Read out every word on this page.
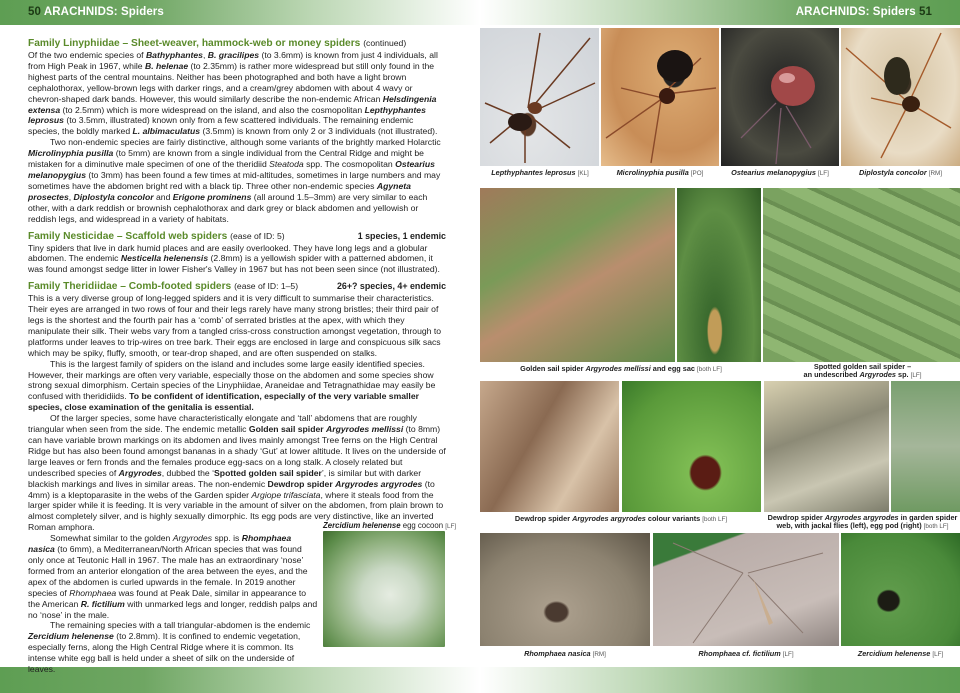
50 ARACHNIDS: Spiders	ARACHNIDS: Spiders 51
Family Linyphiidae – Sheet-weaver, hammock-web or money spiders (continued)

Of the two endemic species of Bathyphantes, B. gracilipes (to 3.6mm) is known from just 4 individuals, all from High Peak in 1967, while B. helenae (to 2.35mm) is rather more widespread but still only found in the highest parts of the central mountains. Neither has been photographed and both have a light brown cephalothorax, yellow-brown legs with darker rings, and a cream/grey abdomen with about 4 wavy or chevron-shaped dark bands. However, this would similarly describe the non-endemic African Helsdingenia extensa (to 2.5mm) which is more widespread on the island, and also the cosmopolitan Lepthyphantes leprosus (to 3.5mm, illustrated) known only from a few scattered individuals. The remaining endemic species, the boldly marked L. albimaculatus (3.5mm) is known from only 2 or 3 individuals (not illustrated).

Two non-endemic species are fairly distinctive, although some variants of the brightly marked Holarctic Microlinyphia pusilla (to 5mm) are known from a single individual from the Central Ridge and might be mistaken for a diminutive male specimen of one of the theridiid Steatoda spp. The cosmopolitan Ostearius melanopygius (to 3mm) has been found a few times at mid-altitudes, sometimes in large numbers and may sometimes have the abdomen bright red with a black tip. Three other non-endemic species Agyneta prosectes, Diplostyla concolor and Erigone prominens (all around 1.5–3mm) are very similar to each other, with a dark reddish or brownish cephalothorax and dark grey or black abdomen and yellowish or reddish legs, and widespread in a variety of habitats.

Family Nesticidae – Scaffold web spiders (ease of ID: 5)	1 species, 1 endemic

Tiny spiders that live in dark humid places and are easily overlooked. They have long legs and a globular abdomen. The endemic Nesticella helenensis (2.8mm) is a yellowish spider with a patterned abdomen, it was found amongst sedge litter in lower Fisher's Valley in 1967 but has not been seen since (not illustrated).

Family Theridiidae – Comb-footed spiders (ease of ID: 1–5)	26+? species, 4+ endemic

This is a very diverse group of long-legged spiders and it is very difficult to summarise their characteristics. Their eyes are arranged in two rows of four and their legs rarely have many strong bristles; their third pair of legs is the shortest and the fourth pair has a ‘comb’ of serrated bristles at the apex, with which they manipulate their silk. Their webs vary from a tangled criss-cross construction amongst vegetation, through to platforms under leaves to trip-wires on tree bark. Their eggs are enclosed in large and conspicuous silk sacs which may be spiky, fluffy, smooth, or tear-drop shaped, and are often suspended on stalks.

This is the largest family of spiders on the island and includes some large easily identified species. However, their markings are often very variable, especially those on the abdomen and some species show strong sexual dimorphism. Certain species of the Linyphiidae, Araneidae and Tetragnathidae may easily be confused with therididiids. To be confident of identification, especially of the very variable smaller species, close examination of the genitalia is essential.

Of the larger species, some have characteristically elongate and ‘tall’ abdomens that are roughly triangular when seen from the side. The endemic metallic Golden sail spider Argyrodes mellissi (to 8mm) can have variable brown markings on its abdomen and lives mainly amongst Tree ferns on the High Central Ridge but has also been found amongst bananas in a shady ‘Gut’ at lower altitude. It lives on the underside of large leaves or fern fronds and the females produce egg-sacs on a long stalk. A closely related but undescribed species of Argyrodes, dubbed the ‘Spotted golden sail spider’, is similar but with darker blackish markings and lives in similar areas. The non-endemic Dewdrop spider Argyrodes argyrodes (to 4mm) is a kleptoparasite in the webs of the Garden spider Argiope trifasciata, where it steals food from the larger spider while it is feeding. It is very variable in the amount of silver on the abdomen, from plain brown to almost completely silver, and is highly sexually dimorphic. Its egg pods are very distinctive, like an inverted Roman amphora.

Somewhat similar to the golden Argyrodes spp. is Rhomphaea nasica (to 6mm), a Mediterranean/North African species that was found only once at Teutonic Hall in 1967. The male has an extraordinary ‘nose’ formed from an anterior elongation of the area between the eyes, and the apex of the abdomen is curled upwards in the female. In 2019 another species of Rhomphaea was found at Peak Dale, similar in appearance to the American R. fictilium with unmarked legs and longer, reddish palps and no ‘nose’ in the male.

The remaining species with a tall triangular-abdomen is the endemic Zercidium helenense (to 2.8mm). It is confined to endemic vegetation, especially ferns, along the High Central Ridge where it is common. Its intense white egg ball is held under a sheet of silk on the underside of leaves.

Zercidium helenense egg cocoon [LF]
Lepthyphantes leprosus [KL]	Microlinyphia pusilla [PO]	Ostearius melanopygius [LF]	Diplostyla concolor [RM]
Golden sail spider Argyrodes mellissi and egg sac [both LF]	Spotted golden sail spider –
an undescribed Argyrodes sp. [LF]
Dewdrop spider Argyrodes argyrodes colour variants [both LF]	Dewdrop spider Argyrodes argyrodes in garden spider
web, with jackal flies (left), egg pod (right) [both LF]
Rhomphaea nasica [RM]	Rhomphaea cf. fictilium [LF]	Zercidium helenense [LF]
